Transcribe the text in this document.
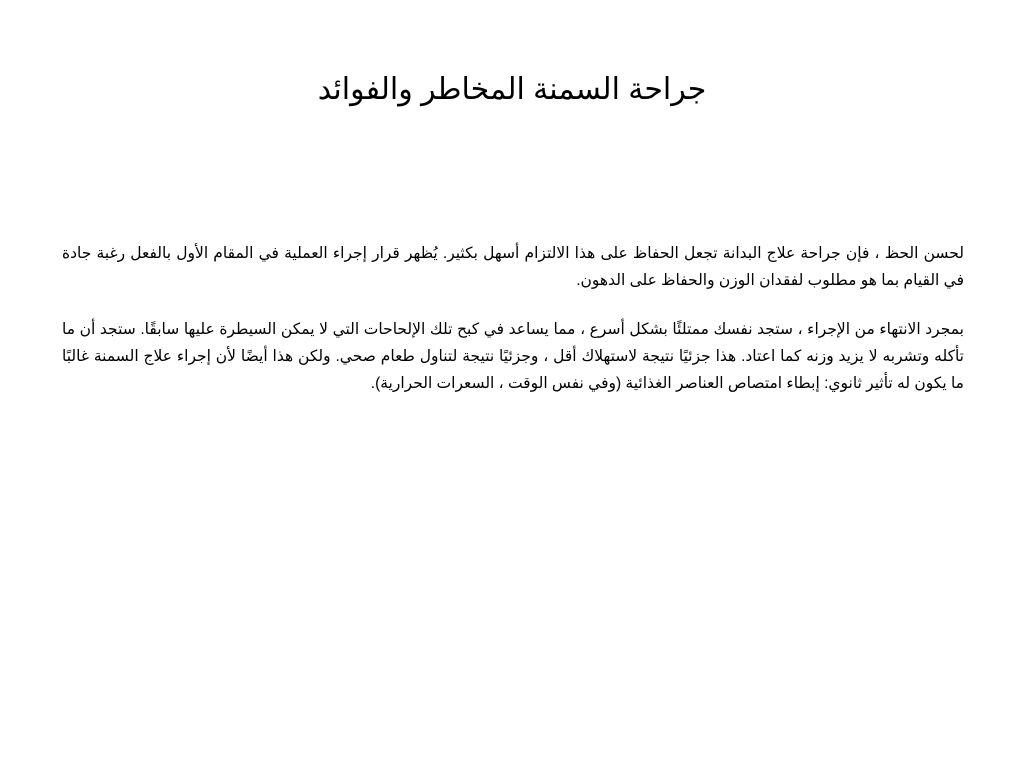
جراحة السمنة المخاطر والفوائد

لحسن الحظ ، فإن جراحة علاج البدانة تجعل الحفاظ على هذا الالتزام أسهل بكثير. يُظهر قرار إجراء العملية في المقام الأول بالفعل رغبة جادة في القيام بما هو مطلوب لفقدان الوزن والحفاظ على الدهون.

بمجرد الانتهاء من الإجراء ، ستجد نفسك ممتلئًا بشكل أسرع ، مما يساعد في كبح تلك الإلحاحات التي لا يمكن السيطرة عليها سابقًا. ستجد أن ما تأكله وتشربه لا يزيد وزنه كما اعتاد. هذا جزئيًا نتيجة لاستهلاك أقل ، وجزئيًا نتيجة لتناول طعام صحي. ولكن هذا أيضًا لأن إجراء علاج السمنة غالبًا ما يكون له تأثير ثانوي: إبطاء امتصاص العناصر الغذائية (وفي نفس الوقت ، السعرات الحرارية).
